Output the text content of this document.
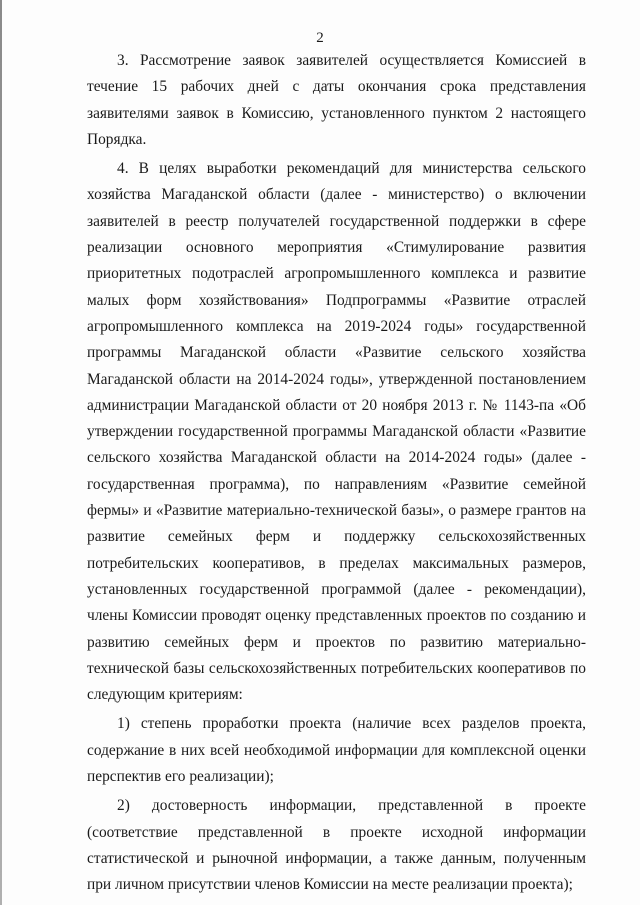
2

3. Рассмотрение заявок заявителей осуществляется Комиссией в течение 15 рабочих дней с даты окончания срока представления заявителями заявок в Комиссию, установленного пунктом 2 настоящего Порядка.

4. В целях выработки рекомендаций для министерства сельского хозяйства Магаданской области (далее - министерство) о включении заявителей в реестр получателей государственной поддержки в сфере реализации основного мероприятия «Стимулирование развития приоритетных подотраслей агропромышленного комплекса и развитие малых форм хозяйствования» Подпрограммы «Развитие отраслей агропромышленного комплекса на 2019-2024 годы» государственной программы Магаданской области «Развитие сельского хозяйства Магаданской области на 2014-2024 годы», утвержденной постановлением администрации Магаданской области от 20 ноября 2013 г. № 1143-па «Об утверждении государственной программы Магаданской области «Развитие сельского хозяйства Магаданской области на 2014-2024 годы» (далее - государственная программа), по направлениям «Развитие семейной фермы» и «Развитие материально-технической базы», о размере грантов на развитие семейных ферм и поддержку сельскохозяйственных потребительских кооперативов, в пределах максимальных размеров, установленных государственной программой (далее - рекомендации), члены Комиссии проводят оценку представленных проектов по созданию и развитию семейных ферм и проектов по развитию материально-технической базы сельскохозяйственных потребительских кооперативов по следующим критериям:

1) степень проработки проекта (наличие всех разделов проекта, содержание в них всей необходимой информации для комплексной оценки перспектив его реализации);

2) достоверность информации, представленной в проекте (соответствие представленной в проекте исходной информации статистической и рыночной информации, а также данным, полученным при личном присутствии членов Комиссии на месте реализации проекта);
